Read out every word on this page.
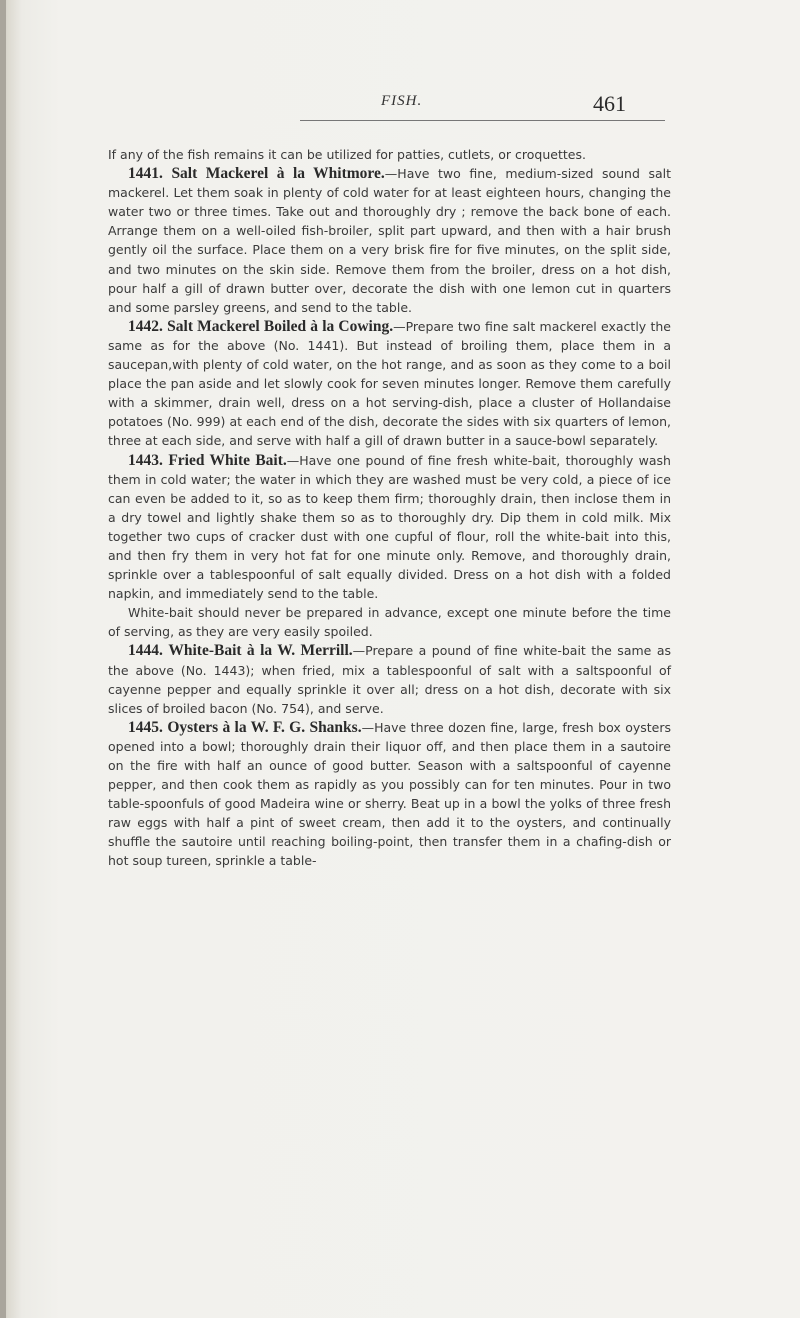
FISH.	461

If any of the fish remains it can be utilized for patties, cutlets, or croquettes.

1441. Salt Mackerel à la Whitmore.—Have two fine, medium-sized sound salt mackerel. Let them soak in plenty of cold water for at least eighteen hours, changing the water two or three times. Take out and thoroughly dry ; remove the back bone of each. Arrange them on a well-oiled fish-broiler, split part upward, and then with a hair brush gently oil the surface. Place them on a very brisk fire for five minutes, on the split side, and two minutes on the skin side. Remove them from the broiler, dress on a hot dish, pour half a gill of drawn butter over, decorate the dish with one lemon cut in quarters and some parsley greens, and send to the table.

1442. Salt Mackerel Boiled à la Cowing.—Prepare two fine salt mackerel exactly the same as for the above (No. 1441). But instead of broiling them, place them in a saucepan,with plenty of cold water, on the hot range, and as soon as they come to a boil place the pan aside and let slowly cook for seven minutes longer. Remove them carefully with a skimmer, drain well, dress on a hot serving-dish, place a cluster of Hollandaise potatoes (No. 999) at each end of the dish, decorate the sides with six quarters of lemon, three at each side, and serve with half a gill of drawn butter in a sauce-bowl separately.

1443. Fried White Bait.—Have one pound of fine fresh white-bait, thoroughly wash them in cold water; the water in which they are washed must be very cold, a piece of ice can even be added to it, so as to keep them firm; thoroughly drain, then inclose them in a dry towel and lightly shake them so as to thoroughly dry. Dip them in cold milk. Mix together two cups of cracker dust with one cupful of flour, roll the white-bait into this, and then fry them in very hot fat for one minute only. Remove, and thoroughly drain, sprinkle over a tablespoonful of salt equally divided. Dress on a hot dish with a folded napkin, and immediately send to the table.

White-bait should never be prepared in advance, except one minute before the time of serving, as they are very easily spoiled.

1444. White-Bait à la W. Merrill.—Prepare a pound of fine white-bait the same as the above (No. 1443); when fried, mix a tablespoonful of salt with a saltspoonful of cayenne pepper and equally sprinkle it over all; dress on a hot dish, decorate with six slices of broiled bacon (No. 754), and serve.

1445. Oysters à la W. F. G. Shanks.—Have three dozen fine, large, fresh box oysters opened into a bowl; thoroughly drain their liquor off, and then place them in a sautoire on the fire with half an ounce of good butter. Season with a saltspoonful of cayenne pepper, and then cook them as rapidly as you possibly can for ten minutes. Pour in two table-spoonfuls of good Madeira wine or sherry. Beat up in a bowl the yolks of three fresh raw eggs with half a pint of sweet cream, then add it to the oysters, and continually shuffle the sautoire until reaching boiling-point, then transfer them in a chafing-dish or hot soup tureen, sprinkle a table-
